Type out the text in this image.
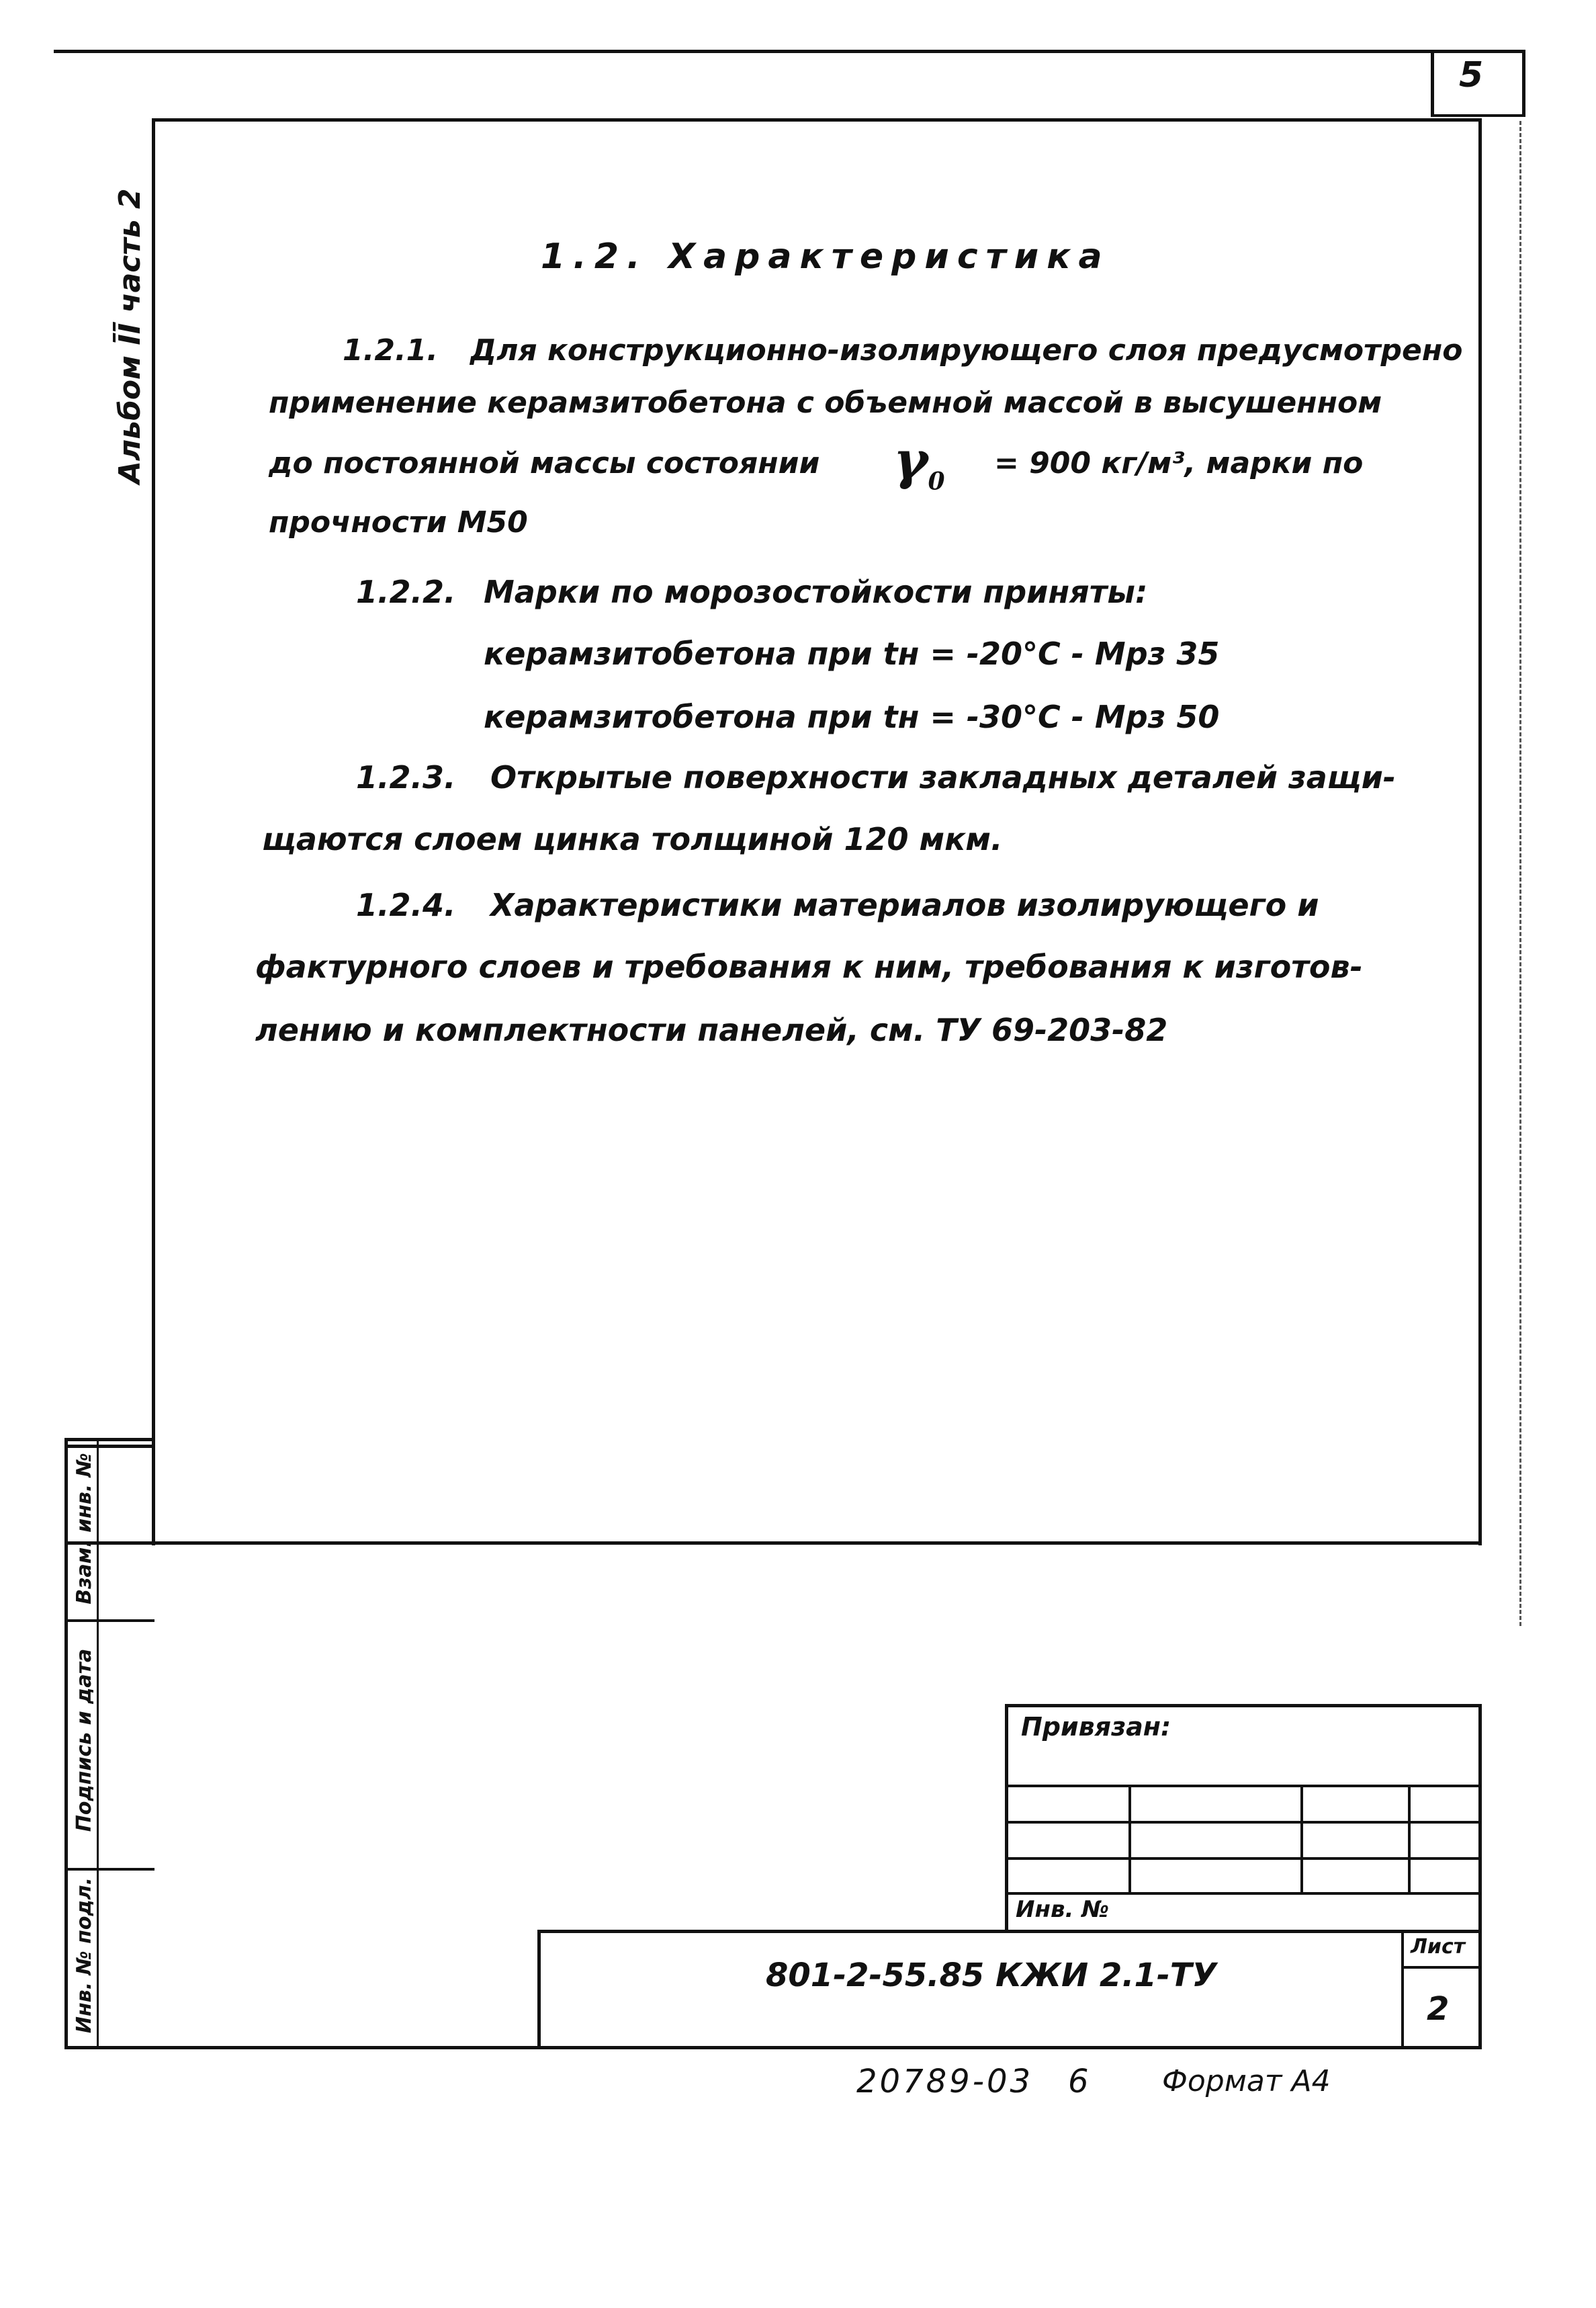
5
Альбом ĪĪ часть 2	1.2. Характеристика
1.2.1. Для конструкционно-изолирующего слоя предусмотрено
применение керамзитобетона с объемной массой в высушенном
до постоянной массы состоянии $\gamma_0$
= 900 кг/м³, марки по
прочности М50
1.2.2. Марки по морозостойкости приняты:
керамзитобетона при tн = -20°С - Мрз 35
керамзитобетона при tн = -30°С - Мрз 50
1.2.3. Открытые поверхности закладных деталей защи-
щаются слоем цинка толщиной 120 мкм.
1.2.4. Характеристики материалов изолирующего и
фактурного слоев и требования к ним, требования к изготов-
лению и комплектности панелей, см. ТУ 69-203-82
Взам. инв. №
Подпись и дата
Инв. № подл.
Привязан:
Инв. №
801-2-55.85 КЖИ 2.1-ТУ
Лист
2
20789-03 6 Формат А4
